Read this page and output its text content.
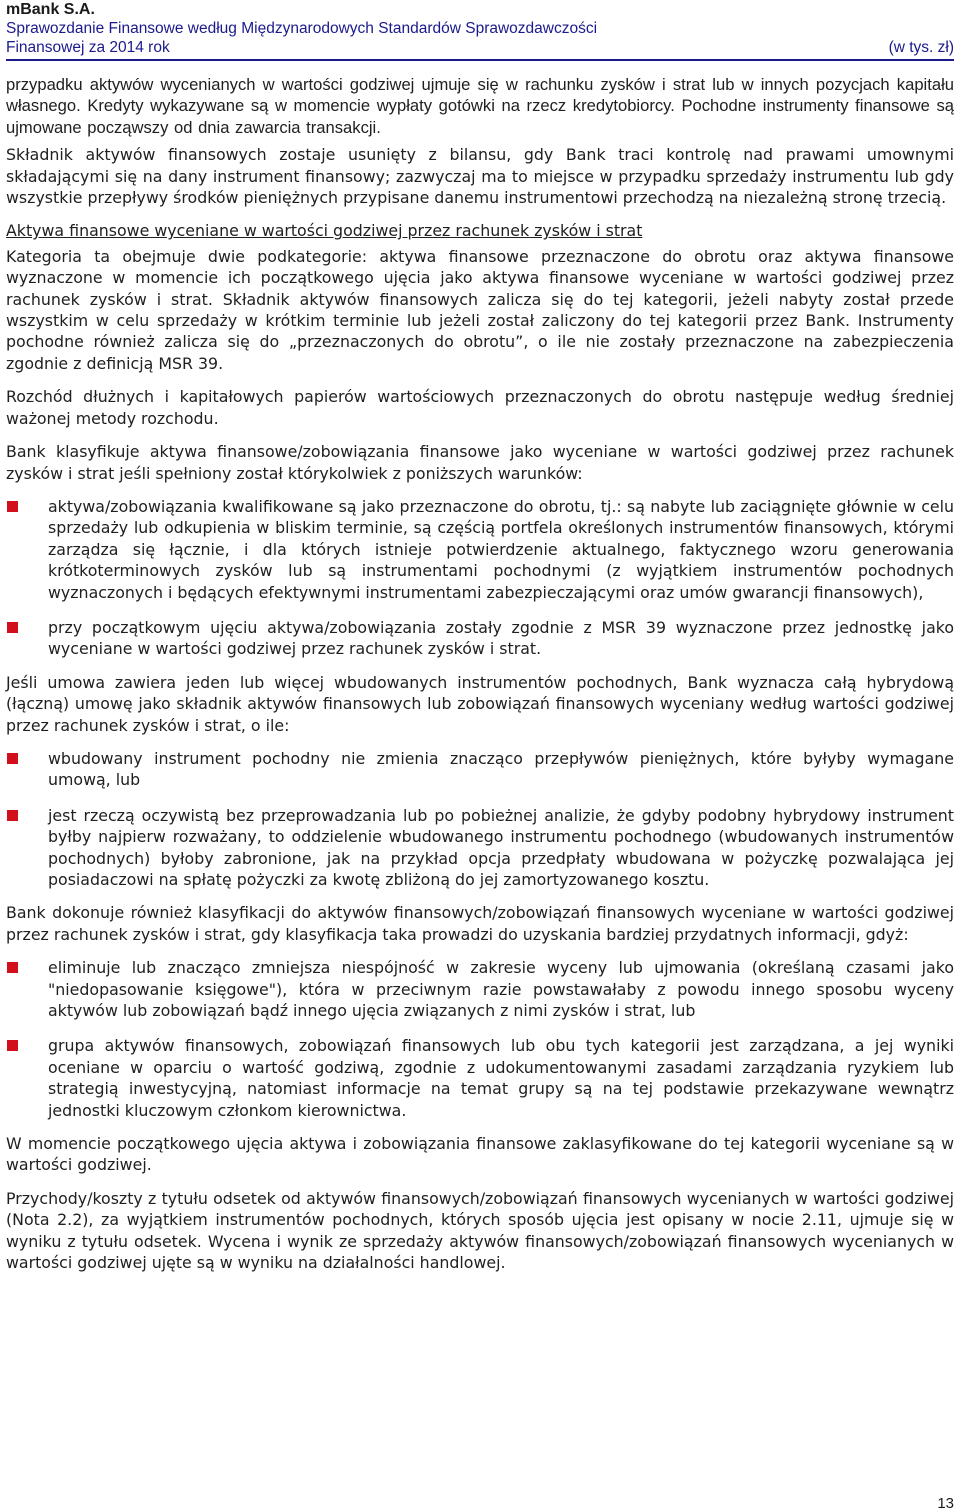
mBank S.A.
Sprawozdanie Finansowe według Międzynarodowych Standardów Sprawozdawczości
Finansowej za 2014 rok	(w tys. zł)

przypadku aktywów wycenianych w wartości godziwej ujmuje się w rachunku zysków i strat lub w innych pozycjach kapitału własnego. Kredyty wykazywane są w momencie wypłaty gotówki na rzecz kredytobiorcy. Pochodne instrumenty finansowe są ujmowane począwszy od dnia zawarcia transakcji.

Składnik aktywów finansowych zostaje usunięty z bilansu, gdy Bank traci kontrolę nad prawami umownymi składającymi się na dany instrument finansowy; zazwyczaj ma to miejsce w przypadku sprzedaży instrumentu lub gdy wszystkie przepływy środków pieniężnych przypisane danemu instrumentowi przechodzą na niezależną stronę trzecią.

Aktywa finansowe wyceniane w wartości godziwej przez rachunek zysków i strat

Kategoria ta obejmuje dwie podkategorie: aktywa finansowe przeznaczone do obrotu oraz aktywa finansowe wyznaczone w momencie ich początkowego ujęcia jako aktywa finansowe wyceniane w wartości godziwej przez rachunek zysków i strat. Składnik aktywów finansowych zalicza się do tej kategorii, jeżeli nabyty został przede wszystkim w celu sprzedaży w krótkim terminie lub jeżeli został zaliczony do tej kategorii przez Bank. Instrumenty pochodne również zalicza się do „przeznaczonych do obrotu”, o ile nie zostały przeznaczone na zabezpieczenia zgodnie z definicją MSR 39.

Rozchód dłużnych i kapitałowych papierów wartościowych przeznaczonych do obrotu następuje według średniej ważonej metody rozchodu.

Bank klasyfikuje aktywa finansowe/zobowiązania finansowe jako wyceniane w wartości godziwej przez rachunek zysków i strat jeśli spełniony został którykolwiek z poniższych warunków:

aktywa/zobowiązania kwalifikowane są jako przeznaczone do obrotu, tj.: są nabyte lub zaciągnięte głównie w celu sprzedaży lub odkupienia w bliskim terminie, są częścią portfela określonych instrumentów finansowych, którymi zarządza się łącznie, i dla których istnieje potwierdzenie aktualnego, faktycznego wzoru generowania krótkoterminowych zysków lub są instrumentami pochodnymi (z wyjątkiem instrumentów pochodnych wyznaczonych i będących efektywnymi instrumentami zabezpieczającymi oraz umów gwarancji finansowych),
przy początkowym ujęciu aktywa/zobowiązania zostały zgodnie z MSR 39 wyznaczone przez jednostkę jako wyceniane w wartości godziwej przez rachunek zysków i strat.

Jeśli umowa zawiera jeden lub więcej wbudowanych instrumentów pochodnych, Bank wyznacza całą hybrydową (łączną) umowę jako składnik aktywów finansowych lub zobowiązań finansowych wyceniany według wartości godziwej przez rachunek zysków i strat, o ile:

wbudowany instrument pochodny nie zmienia znacząco przepływów pieniężnych, które byłyby wymagane umową, lub
jest rzeczą oczywistą bez przeprowadzania lub po pobieżnej analizie, że gdyby podobny hybrydowy instrument byłby najpierw rozważany, to oddzielenie wbudowanego instrumentu pochodnego (wbudowanych instrumentów pochodnych) byłoby zabronione, jak na przykład opcja przedpłaty wbudowana w pożyczkę pozwalająca jej posiadaczowi na spłatę pożyczki za kwotę zbliżoną do jej zamortyzowanego kosztu.

Bank dokonuje również klasyfikacji do aktywów finansowych/zobowiązań finansowych wyceniane w wartości godziwej przez rachunek zysków i strat, gdy klasyfikacja taka prowadzi do uzyskania bardziej przydatnych informacji, gdyż:

eliminuje lub znacząco zmniejsza niespójność w zakresie wyceny lub ujmowania (określaną czasami jako "niedopasowanie księgowe"), która w przeciwnym razie powstawałaby z powodu innego sposobu wyceny aktywów lub zobowiązań bądź innego ujęcia związanych z nimi zysków i strat, lub
grupa aktywów finansowych, zobowiązań finansowych lub obu tych kategorii jest zarządzana, a jej wyniki oceniane w oparciu o wartość godziwą, zgodnie z udokumentowanymi zasadami zarządzania ryzykiem lub strategią inwestycyjną, natomiast informacje na temat grupy są na tej podstawie przekazywane wewnątrz jednostki kluczowym członkom kierownictwa.

W momencie początkowego ujęcia aktywa i zobowiązania finansowe zaklasyfikowane do tej kategorii wyceniane są w wartości godziwej.

Przychody/koszty z tytułu odsetek od aktywów finansowych/zobowiązań finansowych wycenianych w wartości godziwej (Nota 2.2), za wyjątkiem instrumentów pochodnych, których sposób ujęcia jest opisany w nocie 2.11, ujmuje się w wyniku z tytułu odsetek. Wycena i wynik ze sprzedaży aktywów finansowych/zobowiązań finansowych wycenianych w wartości godziwej ujęte są w wyniku na działalności handlowej.

13
